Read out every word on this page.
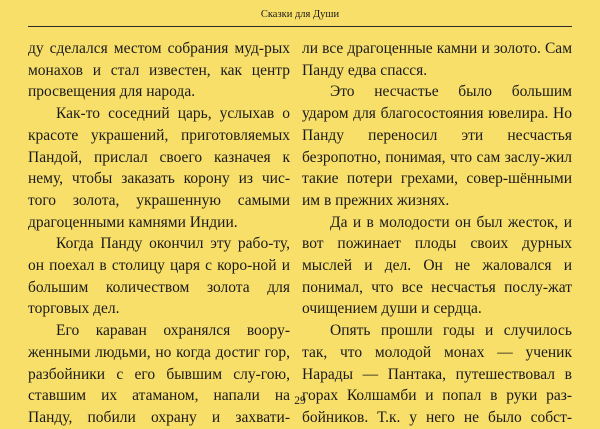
Сказки для Души

ду сделался местом собрания муд-рых монахов и стал известен, как центр просвещения для народа.

Как-то соседний царь, услыхав о красоте украшений, приготовляемых Пандой, прислал своего казначея к нему, чтобы заказать корону из чис-того золота, украшенную самыми драгоценными камнями Индии.

Когда Панду окончил эту рабо-ту, он поехал в столицу царя с коро-ной и большим количеством золота для торговых дел.

Его караван охранялся воору-женными людьми, но когда достиг гор, разбойники с его бывшим слу-гою, ставшим их атаманом, напали на Панду, побили охрану и захвати-

ли все драгоценные камни и золото. Сам Панду едва спасся.

Это несчастье было большим ударом для благосостояния ювелира. Но Панду переносил эти несчастья безропотно, понимая, что сам заслу-жил такие потери грехами, совер-шёнными им в прежних жизнях.

Да и в молодости он был жесток, и вот пожинает плоды своих дурных мыслей и дел. Он не жаловался и понимал, что все несчастья послу-жат очищением души и сердца.

Опять прошли годы и случилось так, что молодой монах — ученик Нарады — Пантака, путешествовал в горах Колшамби и попал в руки раз-бойников. Т.к. у него не было собст-

29
